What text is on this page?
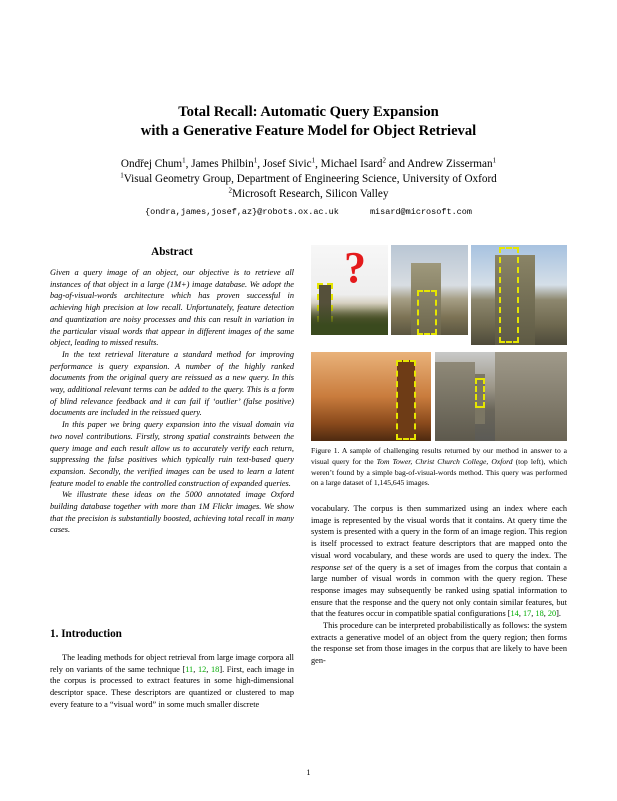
Total Recall: Automatic Query Expansion
with a Generative Feature Model for Object Retrieval
Ondřej Chum$^1$, James Philbin$^1$, Josef Sivic$^1$, Michael Isard$^2$ and Andrew Zisserman$^1$
$^1$Visual Geometry Group, Department of Engineering Science, University of Oxford
$^2$Microsoft Research, Silicon Valley
{ondra,james,josef,az}@robots.ox.ac.uk	misard@microsoft.com
Abstract

Given a query image of an object, our objective is to retrieve all instances of that object in a large (1M+) image database. We adopt the bag-of-visual-words architecture which has proven successful in achieving high precision at low recall. Unfortunately, feature detection and quantization are noisy processes and this can result in variation in the particular visual words that appear in different images of the same object, leading to missed results.

In the text retrieval literature a standard method for improving performance is query expansion. A number of the highly ranked documents from the original query are reissued as a new query. In this way, additional relevant terms can be added to the query. This is a form of blind relevance feedback and it can fail if ‘outlier’ (false positive) documents are included in the reissued query.

In this paper we bring query expansion into the visual domain via two novel contributions. Firstly, strong spatial constraints between the query image and each result allow us to accurately verify each return, suppressing the false positives which typically ruin text-based query expansion. Secondly, the verified images can be used to learn a latent feature model to enable the controlled construction of expanded queries.

We illustrate these ideas on the 5000 annotated image Oxford building database together with more than 1M Flickr images. We show that the precision is substantially boosted, achieving total recall in many cases.

1. Introduction

The leading methods for object retrieval from large image corpora all rely on variants of the same technique [11, 12, 18]. First, each image in the corpus is processed to extract features in some high-dimensional descriptor space. These descriptors are quantized or clustered to map every feature to a “visual word” in some much smaller discrete

?
Figure 1. A sample of challenging results returned by our method in answer to a visual query for the Tom Tower, Christ Church College, Oxford (top left), which weren’t found by a simple bag-of-visual-words method. This query was performed on a large dataset of 1,145,645 images.

vocabulary. The corpus is then summarized using an index where each image is represented by the visual words that it contains. At query time the system is presented with a query in the form of an image region. This region is itself processed to extract feature descriptors that are mapped onto the visual word vocabulary, and these words are used to query the index. The response set of the query is a set of images from the corpus that contain a large number of visual words in common with the query region. These response images may subsequently be ranked using spatial information to ensure that the response and the query not only contain similar features, but that the features occur in compatible spatial configurations [14, 17, 18, 20].

This procedure can be interpreted probabilistically as follows: the system extracts a generative model of an object from the query region; then forms the response set from those images in the corpus that are likely to have been gen-

1
